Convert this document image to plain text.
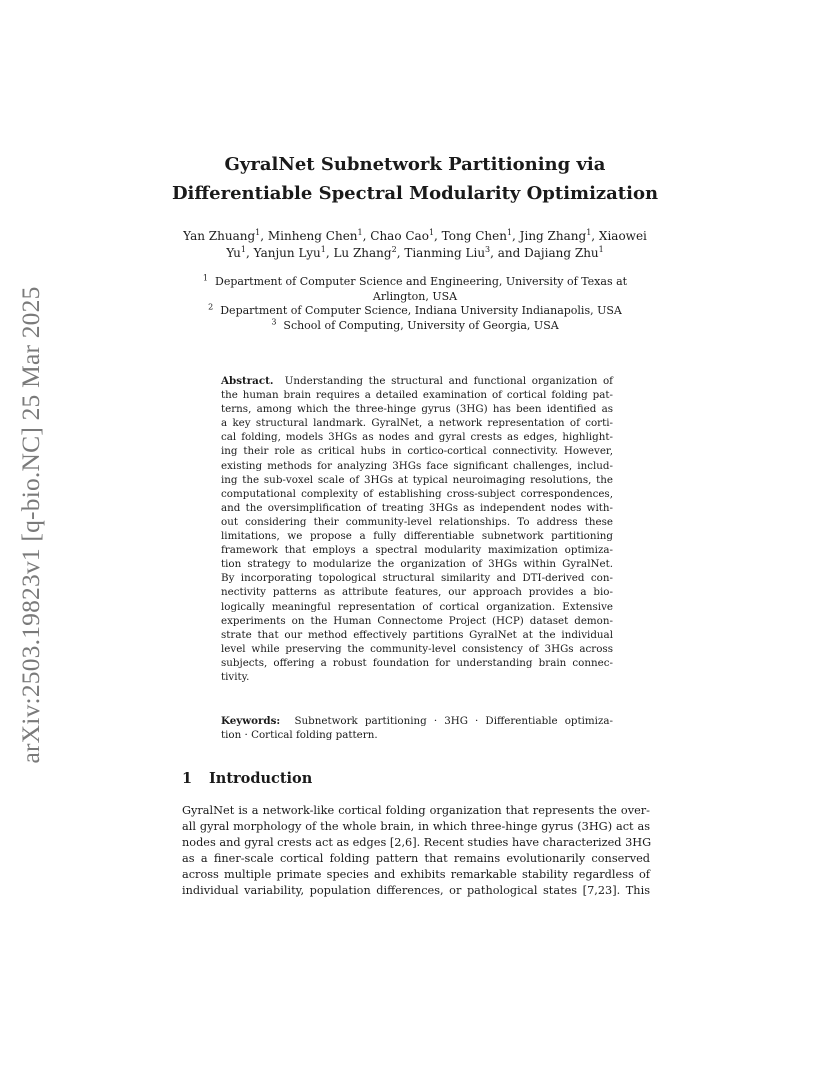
arXiv:2503.19823v1 [q-bio.NC] 25 Mar 2025
GyralNet Subnetwork Partitioning via
Differentiable Spectral Modularity Optimization
Yan Zhuang$^1$, Minheng Chen$^1$, Chao Cao$^1$, Tong Chen$^1$, Jing Zhang$^1$, Xiaowei
Yu$^1$, Yanjun Lyu$^1$, Lu Zhang$^2$, Tianming Liu$^3$, and Dajiang Zhu$^1$
$^1$ Department of Computer Science and Engineering, University of Texas at
Arlington, USA
$^2$ Department of Computer Science, Indiana University Indianapolis, USA
$^3$ School of Computing, University of Georgia, USA
Abstract. Understanding the structural and functional organization of
the human brain requires a detailed examination of cortical folding pat-
terns, among which the three-hinge gyrus (3HG) has been identified as
a key structural landmark. GyralNet, a network representation of corti-
cal folding, models 3HGs as nodes and gyral crests as edges, highlight-
ing their role as critical hubs in cortico-cortical connectivity. However,
existing methods for analyzing 3HGs face significant challenges, includ-
ing the sub-voxel scale of 3HGs at typical neuroimaging resolutions, the
computational complexity of establishing cross-subject correspondences,
and the oversimplification of treating 3HGs as independent nodes with-
out considering their community-level relationships. To address these
limitations, we propose a fully differentiable subnetwork partitioning
framework that employs a spectral modularity maximization optimiza-
tion strategy to modularize the organization of 3HGs within GyralNet.
By incorporating topological structural similarity and DTI-derived con-
nectivity patterns as attribute features, our approach provides a bio-
logically meaningful representation of cortical organization. Extensive
experiments on the Human Connectome Project (HCP) dataset demon-
strate that our method effectively partitions GyralNet at the individual
level while preserving the community-level consistency of 3HGs across
subjects, offering a robust foundation for understanding brain connec-
tivity.
Keywords: Subnetwork partitioning · 3HG · Differentiable optimiza-
tion · Cortical folding pattern.
1 Introduction
GyralNet is a network-like cortical folding organization that represents the over-
all gyral morphology of the whole brain, in which three-hinge gyrus (3HG) act as
nodes and gyral crests act as edges [2,6]. Recent studies have characterized 3HG
as a finer-scale cortical folding pattern that remains evolutionarily conserved
across multiple primate species and exhibits remarkable stability regardless of
individual variability, population differences, or pathological states [7,23]. This
